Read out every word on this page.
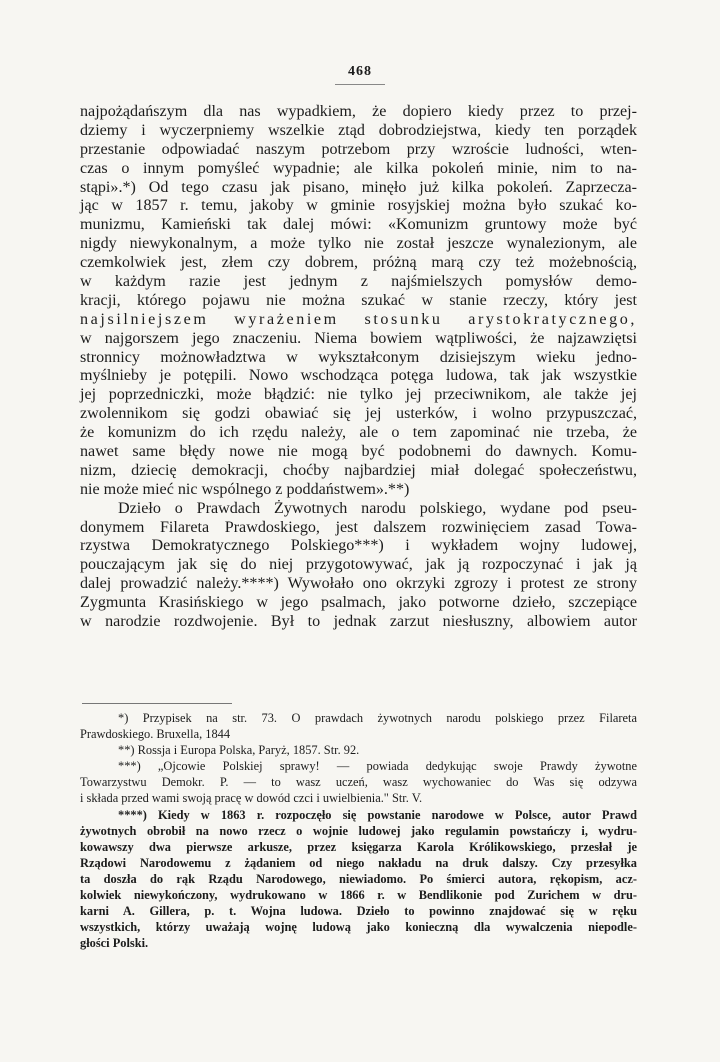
468
najpożądańszym dla nas wypadkiem, że dopiero kiedy przez to przej-
dziemy i wyczerpniemy wszelkie ztąd dobrodziejstwa, kiedy ten porządek
przestanie odpowiadać naszym potrzebom przy wzroście ludności, wten-
czas o innym pomyśleć wypadnie; ale kilka pokoleń minie, nim to na-
stąpi».*) Od tego czasu jak pisano, minęło już kilka pokoleń. Zaprzecza-
jąc w 1857 r. temu, jakoby w gminie rosyjskiej można było szukać ko-
munizmu, Kamieński tak dalej mówi: «Komunizm gruntowy może być
nigdy niewykonalnym, a może tylko nie został jeszcze wynalezionym, ale
czemkolwiek jest, złem czy dobrem, próżną marą czy też możebnością,
w każdym razie jest jednym z najśmielszych pomysłów demo-
kracji, którego pojawu nie można szukać w stanie rzeczy, który jest
najsilniejszem wyrażeniem stosunku arystokratycznego,
w najgorszem jego znaczeniu. Niema bowiem wątpliwości, że najzawziętsi
stronnicy możnowładztwa w wykształconym dzisiejszym wieku jedno-
myślnieby je potępili. Nowo wschodząca potęga ludowa, tak jak wszystkie
jej poprzedniczki, może błądzić: nie tylko jej przeciwnikom, ale także jej
zwolennikom się godzi obawiać się jej usterków, i wolno przypuszczać,
że komunizm do ich rzędu należy, ale o tem zapominać nie trzeba, że
nawet same błędy nowe nie mogą być podobnemi do dawnych. Komu-
nizm, dziecię demokracji, choćby najbardziej miał dolegać społeczeństwu,
nie może mieć nic wspólnego z poddaństwem».**)
Dzieło o Prawdach Żywotnych narodu polskiego, wydane pod pseu-
donymem Filareta Prawdoskiego, jest dalszem rozwinięciem zasad Towa-
rzystwa Demokratycznego Polskiego***) i wykładem wojny ludowej,
pouczającym jak się do niej przygotowywać, jak ją rozpoczynać i jak ją
dalej prowadzić należy.****) Wywołało ono okrzyki zgrozy i protest ze strony
Zygmunta Krasińskiego w jego psalmach, jako potworne dzieło, szczepiące
w narodzie rozdwojenie. Był to jednak zarzut niesłuszny, albowiem autor
*) Przypisek na str. 73. O prawdach żywotnych narodu polskiego przez Filareta
Prawdoskiego. Bruxella, 1844
**) Rossja i Europa Polska, Paryż, 1857. Str. 92.
***) „Ojcowie Polskiej sprawy! — powiada dedykując swoje Prawdy żywotne
Towarzystwu Demokr. P. — to wasz uczeń, wasz wychowaniec do Was się odzywa
i składa przed wami swoją pracę w dowód czci i uwielbienia." Str. V.
****) Kiedy w 1863 r. rozpoczęło się powstanie narodowe w Polsce, autor Prawd
żywotnych obrobił na nowo rzecz o wojnie ludowej jako regulamin powstańczy i, wydru-
kowawszy dwa pierwsze arkusze, przez księgarza Karola Królikowskiego, przesłał je
Rządowi Narodowemu z żądaniem od niego nakładu na druk dalszy. Czy przesyłka
ta doszła do rąk Rządu Narodowego, niewiadomo. Po śmierci autora, rękopism, acz-
kolwiek niewykończony, wydrukowano w 1866 r. w Bendlikonie pod Zurichem w dru-
karni A. Gillera, p. t. Wojna ludowa. Dzieło to powinno znajdować się w ręku
wszystkich, którzy uważają wojnę ludową jako konieczną dla wywalczenia niepodle-
głości Polski.
